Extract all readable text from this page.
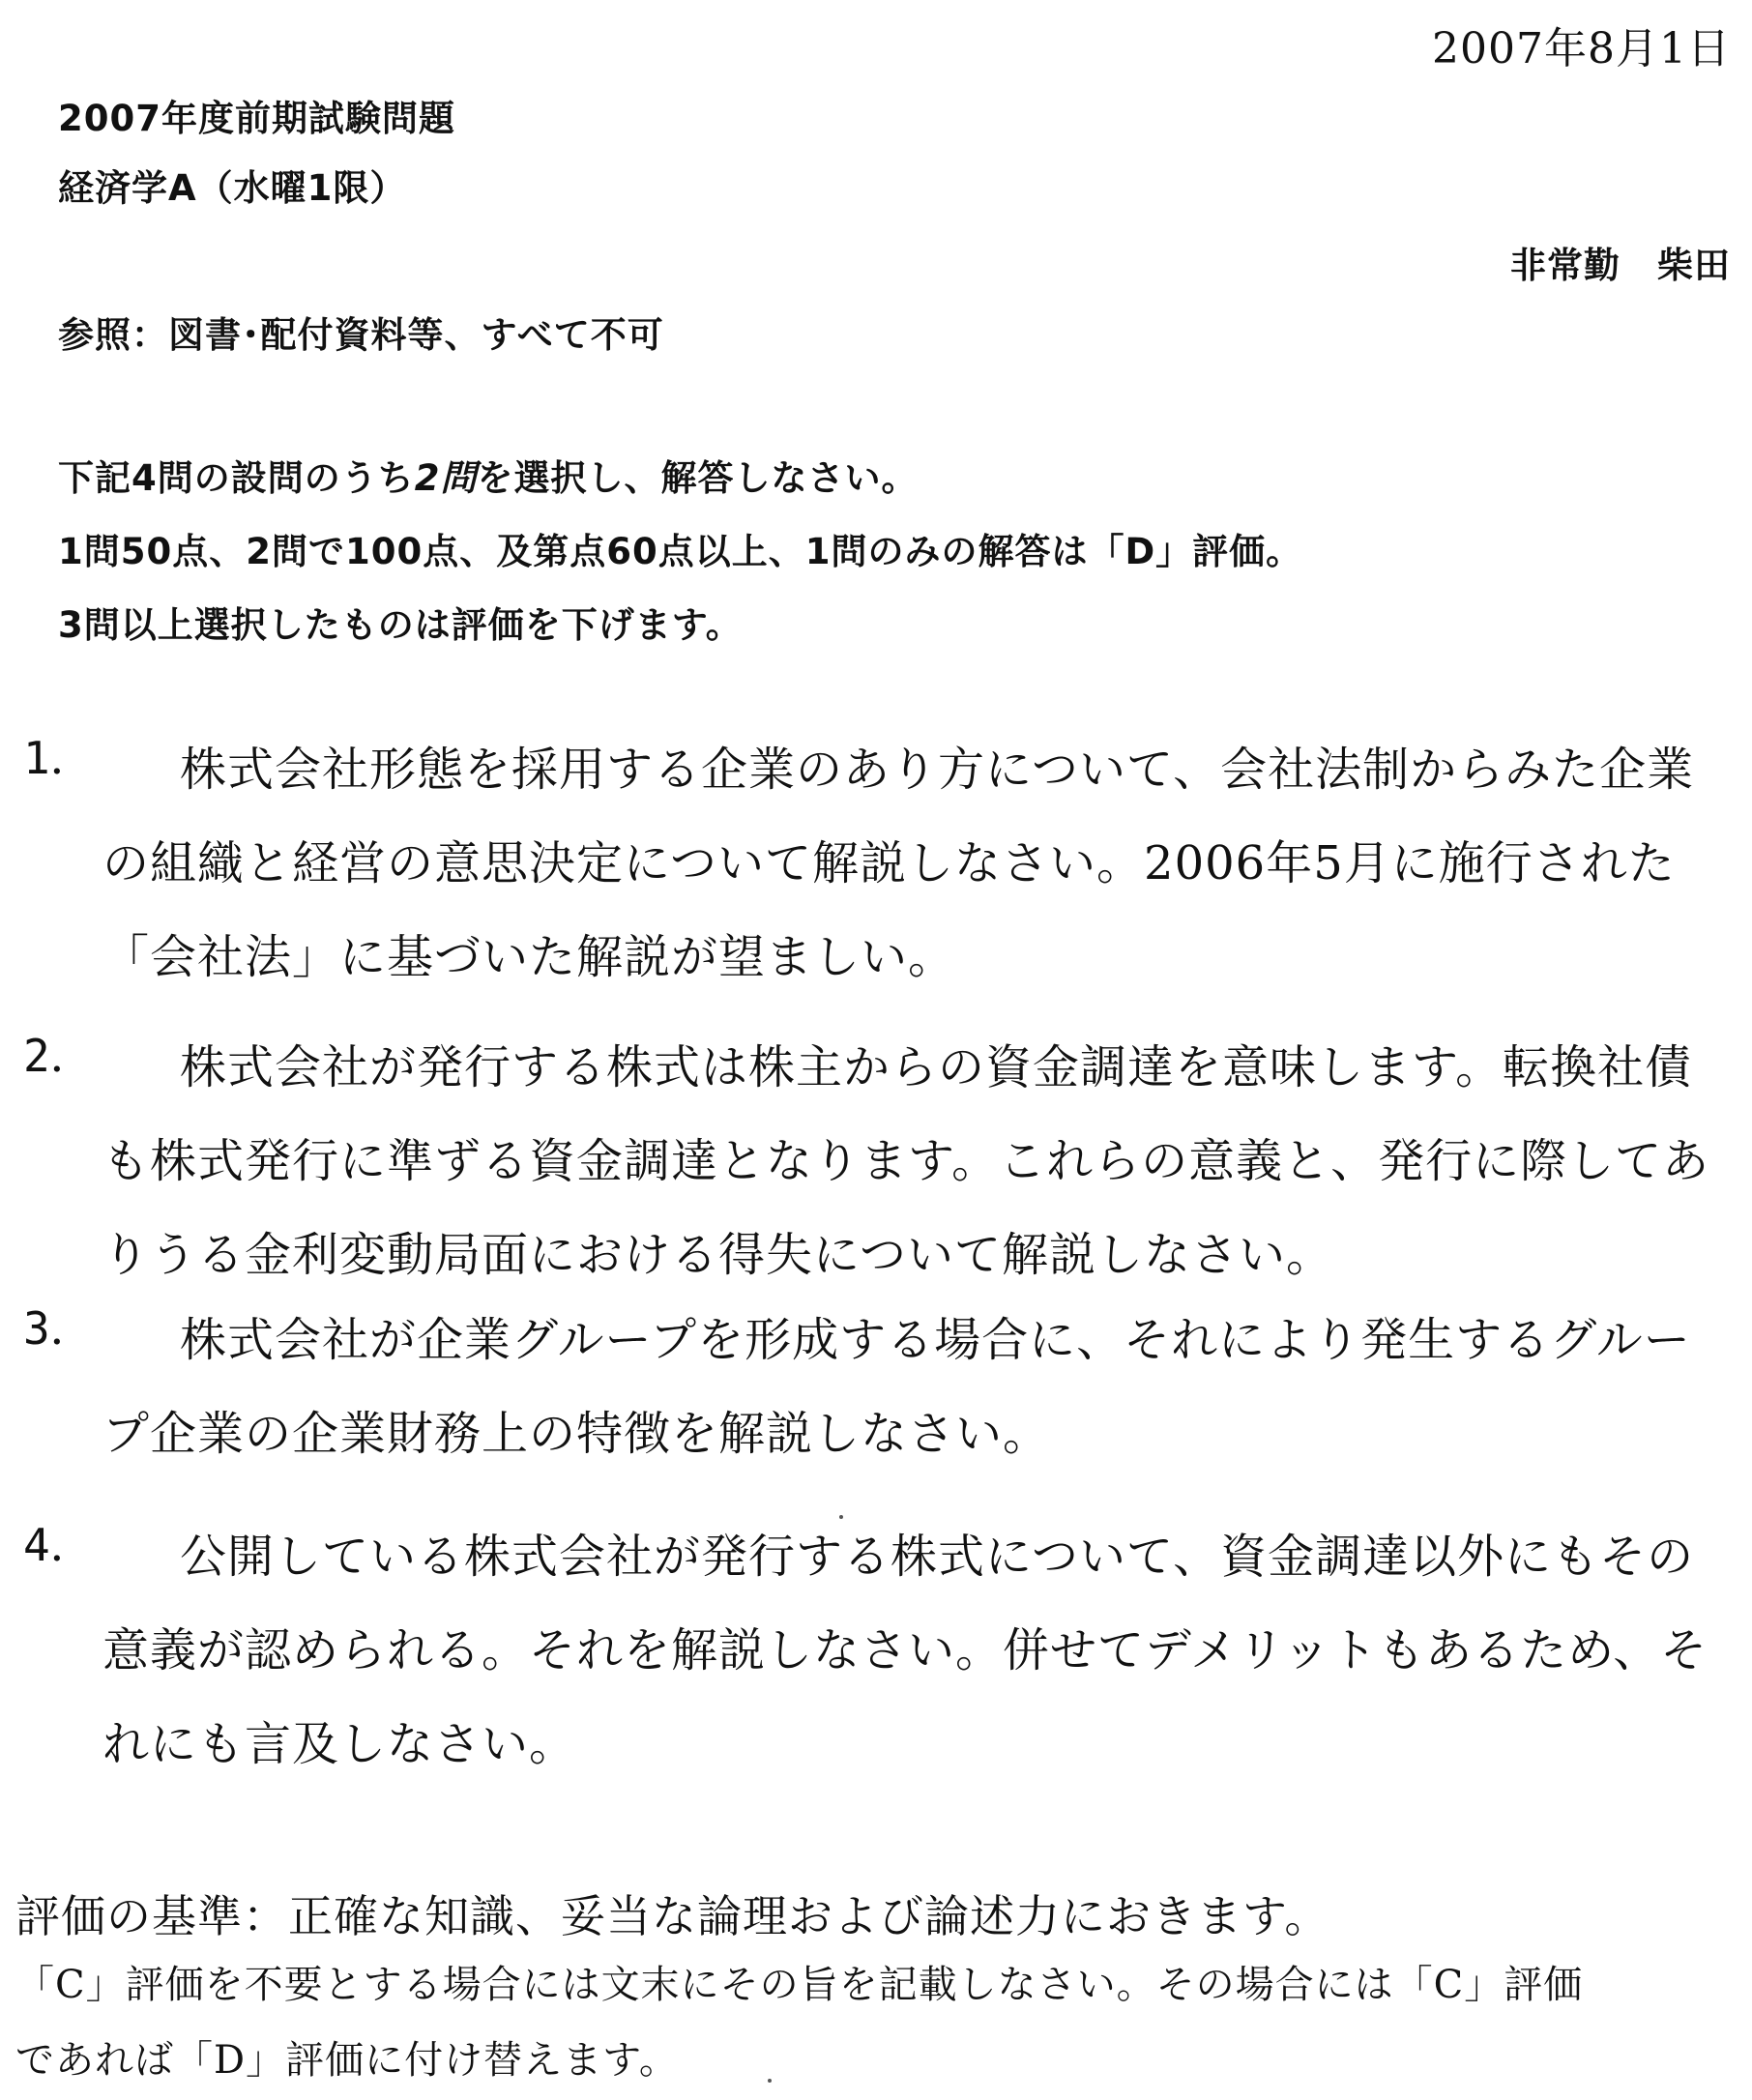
2007年8月1日
2007年度前期試験問題
経済学A（水曜1限）
非常勤　柴田
参照：図書･配付資料等、すべて不可
下記4問の設問のうち2問を選択し、解答しなさい。
1問50点、2問で100点、及第点60点以上、1問のみの解答は「D」評価。
3問以上選択したものは評価を下げます。
1．	株式会社形態を採用する企業のあり方について、会社法制からみた企業
の組織と経営の意思決定について解説しなさい。2006年5月に施行された
「会社法」に基づいた解説が望ましい。
2．	株式会社が発行する株式は株主からの資金調達を意味します。転換社債
も株式発行に準ずる資金調達となります。これらの意義と、発行に際してあ
りうる金利変動局面における得失について解説しなさい。
3．	株式会社が企業グループを形成する場合に、それにより発生するグルー
プ企業の企業財務上の特徴を解説しなさい。
4．	公開している株式会社が発行する株式について、資金調達以外にもその
意義が認められる。それを解説しなさい。併せてデメリットもあるため、そ
れにも言及しなさい。
評価の基準：正確な知識、妥当な論理および論述力におきます。
「C」評価を不要とする場合には文末にその旨を記載しなさい。その場合には「C」評価
であれば「D」評価に付け替えます。
